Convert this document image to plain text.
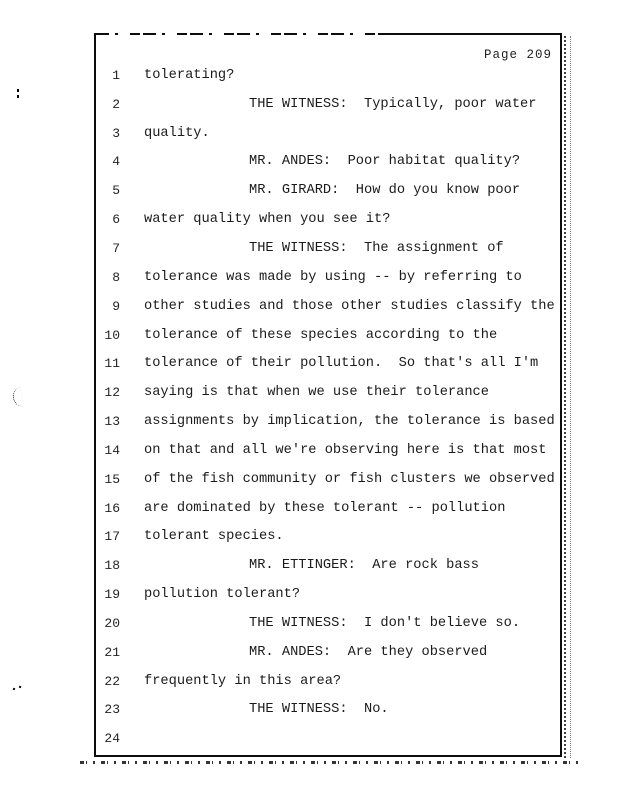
Page 209
1 tolerating?
2	THE WITNESS:  Typically, poor water
3 quality.
4	MR. ANDES:  Poor habitat quality?
5	MR. GIRARD:  How do you know poor
6 water quality when you see it?
7	THE WITNESS:  The assignment of
8 tolerance was made by using -- by referring to
9 other studies and those other studies classify the
10 tolerance of these species according to the
11 tolerance of their pollution.  So that's all I'm
12 saying is that when we use their tolerance
13 assignments by implication, the tolerance is based
14 on that and all we're observing here is that most
15 of the fish community or fish clusters we observed
16 are dominated by these tolerant -- pollution
17 tolerant species.
18	MR. ETTINGER:  Are rock bass
19 pollution tolerant?
20	THE WITNESS:  I don't believe so.
21	MR. ANDES:  Are they observed
22 frequently in this area?
23	THE WITNESS:  No.
24
